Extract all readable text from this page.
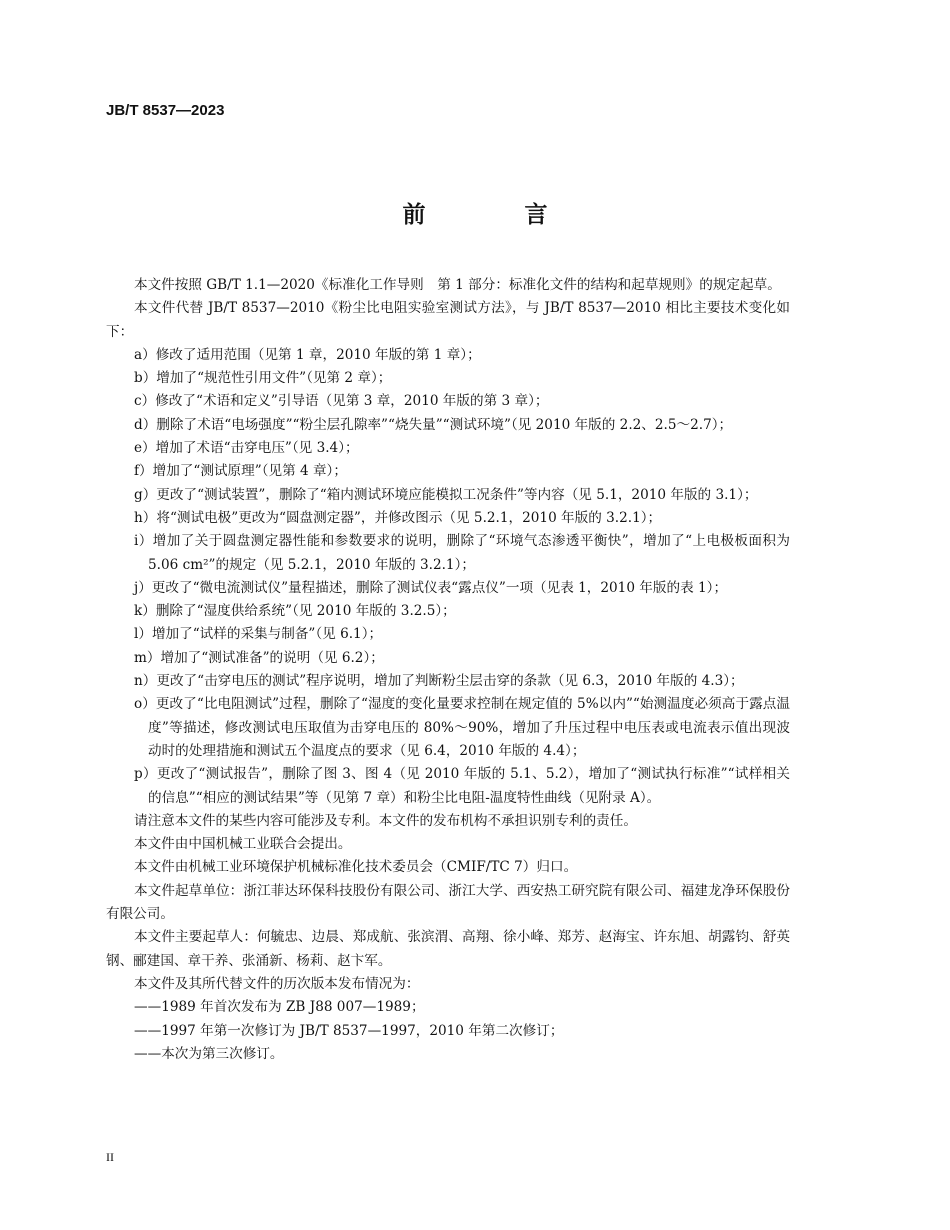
JB/T 8537—2023
前　言

本文件按照 GB/T 1.1—2020《标准化工作导则　第 1 部分：标准化文件的结构和起草规则》的规定起草。

本文件代替 JB/T 8537—2010《粉尘比电阻实验室测试方法》，与 JB/T 8537—2010 相比主要技术变化如下：

a）修改了适用范围（见第 1 章，2010 年版的第 1 章）；

b）增加了“规范性引用文件”（见第 2 章）；

c）修改了“术语和定义”引导语（见第 3 章，2010 年版的第 3 章）；

d）删除了术语“电场强度”“粉尘层孔隙率”“烧失量”“测试环境”（见 2010 年版的 2.2、2.5～2.7）；

e）增加了术语“击穿电压”（见 3.4）；

f）增加了“测试原理”（见第 4 章）；

g）更改了“测试装置”，删除了“箱内测试环境应能模拟工况条件”等内容（见 5.1，2010 年版的 3.1）；

h）将“测试电极”更改为“圆盘测定器”，并修改图示（见 5.2.1，2010 年版的 3.2.1）；

i）增加了关于圆盘测定器性能和参数要求的说明，删除了“环境气态渗透平衡快”，增加了“上电极板面积为 5.06 cm²”的规定（见 5.2.1，2010 年版的 3.2.1）；

j）更改了“微电流测试仪”量程描述，删除了测试仪表“露点仪”一项（见表 1，2010 年版的表 1）；

k）删除了“湿度供给系统”（见 2010 年版的 3.2.5）；

l）增加了“试样的采集与制备”（见 6.1）；

m）增加了“测试准备”的说明（见 6.2）；

n）更改了“击穿电压的测试”程序说明，增加了判断粉尘层击穿的条款（见 6.3，2010 年版的 4.3）；

o）更改了“比电阻测试”过程，删除了“湿度的变化量要求控制在规定值的 5%以内”“始测温度必须高于露点温度”等描述，修改测试电压取值为击穿电压的 80%～90%，增加了升压过程中电压表或电流表示值出现波动时的处理措施和测试五个温度点的要求（见 6.4，2010 年版的 4.4）；

p）更改了“测试报告”，删除了图 3、图 4（见 2010 年版的 5.1、5.2），增加了“测试执行标准”“试样相关的信息”“相应的测试结果”等（见第 7 章）和粉尘比电阻-温度特性曲线（见附录 A）。

请注意本文件的某些内容可能涉及专利。本文件的发布机构不承担识别专利的责任。

本文件由中国机械工业联合会提出。

本文件由机械工业环境保护机械标准化技术委员会（CMIF/TC 7）归口。

本文件起草单位：浙江菲达环保科技股份有限公司、浙江大学、西安热工研究院有限公司、福建龙净环保股份有限公司。

本文件主要起草人：何毓忠、边晨、郑成航、张滨渭、高翔、徐小峰、郑芳、赵海宝、许东旭、胡露钧、舒英钢、郦建国、章干养、张涌新、杨莉、赵卞军。

本文件及其所代替文件的历次版本发布情况为：

——1989 年首次发布为 ZB J88 007—1989；

——1997 年第一次修订为 JB/T 8537—1997，2010 年第二次修订；

——本次为第三次修订。

II
